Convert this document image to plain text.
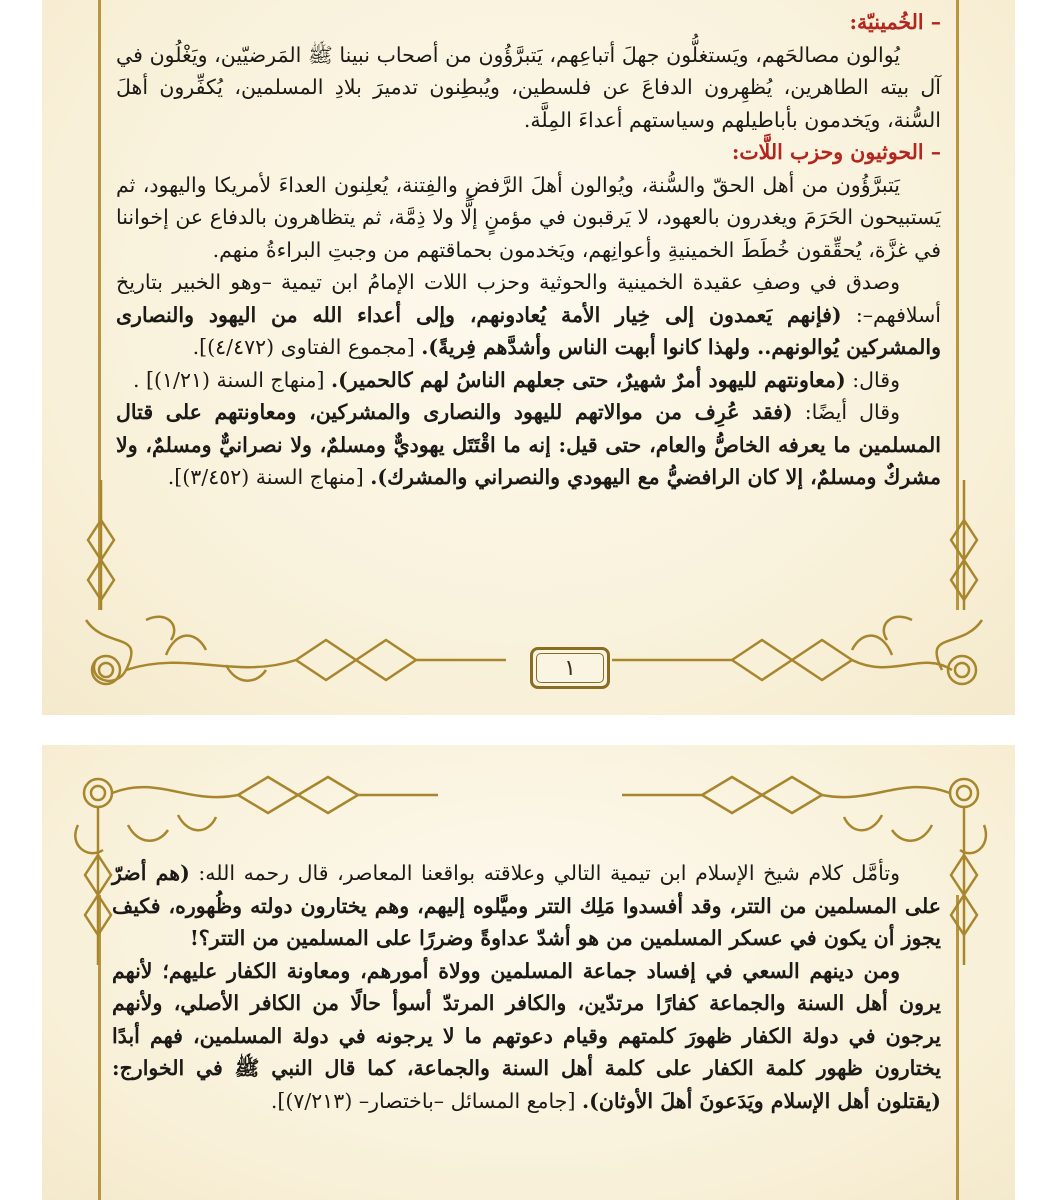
– الخُمينيّة:

يُوالون مصالحَهم، ويَستغلُّون جهلَ أتباعِهم، يَتبرَّؤُون من أصحاب نبينا ﷺ المَرضيّين، ويَغْلُون في آل بيته الطاهرين، يُظهِرون الدفاعَ عن فلسطين، ويُبطِنون تدميرَ بلادِ المسلمين، يُكفِّرون أهلَ السُّنة، ويَخدمون بأباطيلهم وسياستهم أعداءَ المِلَّة.

– الحوثيون وحزب اللَّات:

يَتبرَّؤُون من أهل الحقّ والسُّنة، ويُوالون أهلَ الرَّفضِ والفِتنة، يُعلِنون العداءَ لأمريكا واليهود، ثم يَستبيحون الحَرَمَ ويغدرون بالعهود، لا يَرقبون في مؤمنٍ إلًّا ولا ذِمَّة، ثم يتظاهرون بالدفاع عن إخواننا في غزَّة، يُحقِّقون خُطَطَ الخمينيةِ وأعوانِهم، ويَخدمون بحماقتهم من وجبتِ البراءةُ منهم.

وصدق في وصفِ عقيدة الخمينية والحوثية وحزب اللات الإمامُ ابن تيمية –وهو الخبير بتاريخ أسلافهم–: (فإنهم يَعمدون إلى خِيار الأمة يُعادونهم، وإلى أعداء الله من اليهود والنصارى والمشركين يُوالونهم.. ولهذا كانوا أبهت الناس وأشدَّهم فِريةً). [مجموع الفتاوى (٤/٤٧٢)].

وقال: (معاونتهم لليهود أمرٌ شهيرٌ، حتى جعلهم الناسُ لهم كالحمير). [منهاج السنة (١/٢١)] .

وقال أيضًا: (فقد عُرِف من موالاتهم لليهود والنصارى والمشركين، ومعاونتهم على قتال المسلمين ما يعرفه الخاصُّ والعام، حتى قيل: إنه ما اقْتَتَل يهوديٌّ ومسلمٌ، ولا نصرانيٌّ ومسلمٌ، ولا مشركٌ ومسلمٌ، إلا كان الرافضيُّ مع اليهودي والنصراني والمشرك). [منهاج السنة (٣/٤٥٢)].

١

وتأمَّل كلام شيخ الإسلام ابن تيمية التالي وعلاقته بواقعنا المعاصر، قال رحمه الله: (هم أضرّ على المسلمين من التتر، وقد أفسدوا مَلِك التتر وميَّلوه إليهم، وهم يختارون دولته وظُهوره، فكيف يجوز أن يكون في عسكر المسلمين من هو أشدّ عداوةً وضررًا على المسلمين من التتر؟!

ومن دينهم السعي في إفساد جماعة المسلمين وولاة أمورهم، ومعاونة الكفار عليهم؛ لأنهم يرون أهل السنة والجماعة كفارًا مرتدّين، والكافر المرتدّ أسوأ حالًا من الكافر الأصلي، ولأنهم يرجون في دولة الكفار ظهورَ كلمتهم وقيام دعوتهم ما لا يرجونه في دولة المسلمين، فهم أبدًا يختارون ظهور كلمة الكفار على كلمة أهل السنة والجماعة، كما قال النبي ﷺ في الخوارج: (يقتلون أهل الإسلام ويَدَعونَ أهلَ الأوثان). [جامع المسائل –باختصار– (٧/٢١٣)].
